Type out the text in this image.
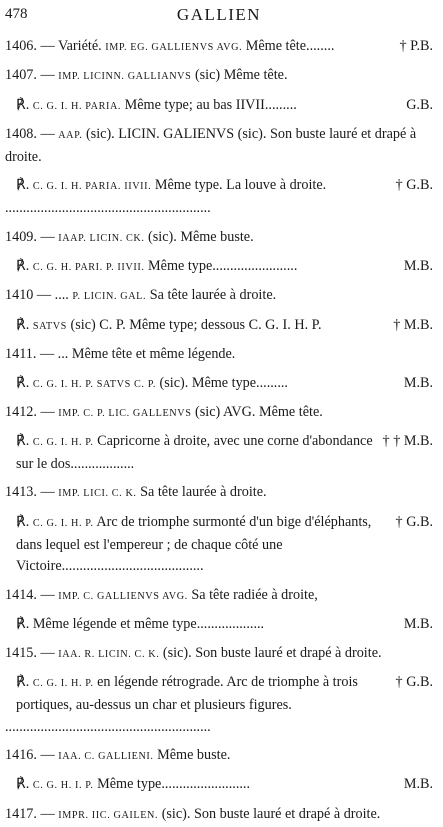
478	GALLIEN
† P.B.
1406. — Variété. IMP. EG. GALLIENVS AVG. Même tête........
1407. — IMP. LICINN. GALLIANVS (sic) Même tête.
G.B.
℟. C. G. I. H. PARIA. Même type; au bas IIVII.........
1408. — AAP. (sic). LICIN. GALIENVS (sic). Son buste lauré et drapé à droite.
† G.B.
℟. C. G. I. H. PARIA. IIVII. Même type. La louve à droite.
..........................................................
1409. — IAAP. LICIN. CK. (sic). Même buste.
M.B.
℟. C. G. H. PARI. P. IIVII. Même type........................
1410 — .... P. LICIN. GAL. Sa tête laurée à droite.
† M.B.
℟. SATVS (sic) C. P. Même type; dessous C. G. I. H. P.
1411. — ... Même tête et même légende.
M.B.
℟. C. G. I. H. P. SATVS C. P. (sic). Même type.........
1412. — IMP. C. P. LIC. GALLENVS (sic) AVG. Même tête.
† † M.B.
℟. C. G. I. H. P. Capricorne à droite, avec une corne d'abondance sur le dos..................
1413. — IMP. LICI. C. K. Sa tête laurée à droite.
† G.B.
℟. C. G. I. H. P. Arc de triomphe surmonté d'un bige d'éléphants, dans lequel est l'empereur ; de chaque côté une Victoire........................................
1414. — IMP. C. GALLIENVS AVG. Sa tête radiée à droite,
M.B.
℟. Même légende et même type...................
1415. — IAA. R. LICIN. C. K. (sic). Son buste lauré et drapé à droite.
† G.B.
℟. C. G. I. H. P. en légende rétrograde. Arc de triomphe à trois portiques, au-dessus un char et plusieurs figures.
..........................................................
1416. — IAA. C. GALLIENI. Même buste.
M.B.
℟. C. G. H. I. P. Même type.........................
1417. — IMPR. IIC. GAILEN. (sic). Son buste lauré et drapé à droite.
